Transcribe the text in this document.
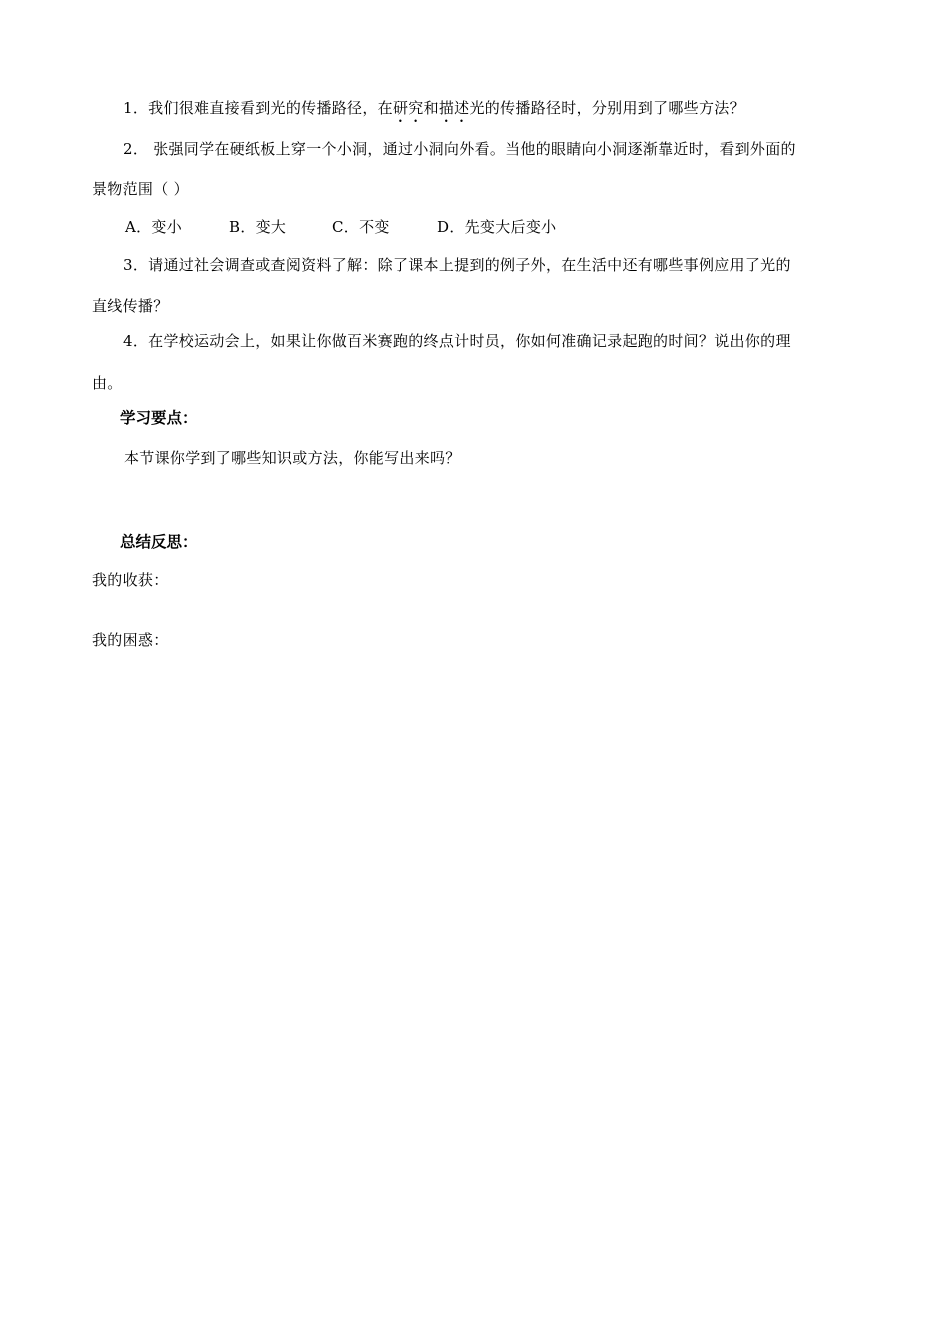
1．我们很难直接看到光的传播路径，在研究和描述光的传播路径时，分别用到了哪些方法？
2． 张强同学在硬纸板上穿一个小洞，通过小洞向外看。当他的眼睛向小洞逐渐靠近时，看到外面的
景物范围（ ）
A．变小	B．变大	C．不变	D．先变大后变小
3．请通过社会调查或查阅资料了解：除了课本上提到的例子外，在生活中还有哪些事例应用了光的
直线传播？
4．在学校运动会上，如果让你做百米赛跑的终点计时员，你如何准确记录起跑的时间？说出你的理
由。
学习要点：
本节课你学到了哪些知识或方法，你能写出来吗？
总结反思：
我的收获：
我的困惑：
